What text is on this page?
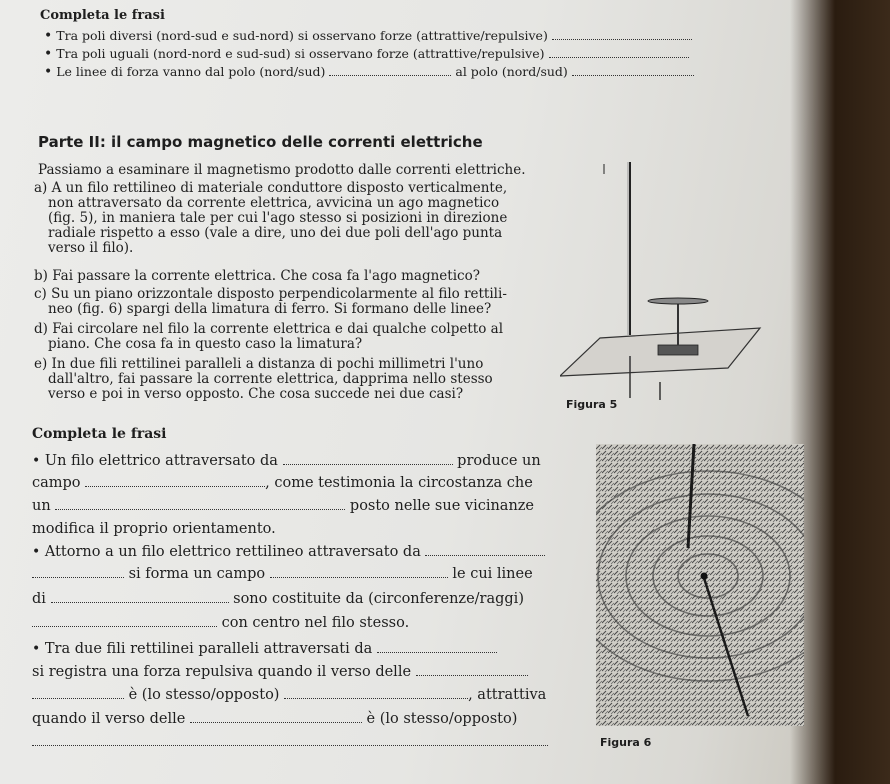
Completa le frasi
• Tra poli diversi (nord-sud e sud-nord) si osservano forze (attrattive/repulsive)
• Tra poli uguali (nord-nord e sud-sud) si osservano forze (attrattive/repulsive)
• Le linee di forza vanno dal polo (nord/sud)	al polo (nord/sud)
Parte II: il campo magnetico delle correnti elettriche
Passiamo a esaminare il magnetismo prodotto dalle correnti elettriche.
a) A un filo rettilineo di materiale conduttore disposto verticalmente,
non attraversato da corrente elettrica, avvicina un ago magnetico
(fig. 5), in maniera tale per cui l'ago stesso si posizioni in direzione
radiale rispetto a esso (vale a dire, uno dei due poli dell'ago punta
verso il filo).
b) Fai passare la corrente elettrica. Che cosa fa l'ago magnetico?
c) Su un piano orizzontale disposto perpendicolarmente al filo rettili-
neo (fig. 6) spargi della limatura di ferro. Si formano delle linee?
d) Fai circolare nel filo la corrente elettrica e dai qualche colpetto al
piano. Che cosa fa in questo caso la limatura?
e) In due fili rettilinei paralleli a distanza di pochi millimetri l'uno
dall'altro, fai passare la corrente elettrica, dapprima nello stesso
verso e poi in verso opposto. Che cosa succede nei due casi?
Figura 5
Completa le frasi
• Un filo elettrico attraversato da	produce un
campo	, come testimonia la circostanza che
un	posto nelle sue vicinanze
modifica il proprio orientamento.
• Attorno a un filo elettrico rettilineo attraversato da
si forma un campo	le cui linee
di	sono costituite da (circonferenze/raggi)
con centro nel filo stesso.
• Tra due fili rettilinei paralleli attraversati da
si registra una forza repulsiva quando il verso delle
è (lo stesso/opposto)	, attrattiva
quando il verso delle	è (lo stesso/opposto)
Figura 6
